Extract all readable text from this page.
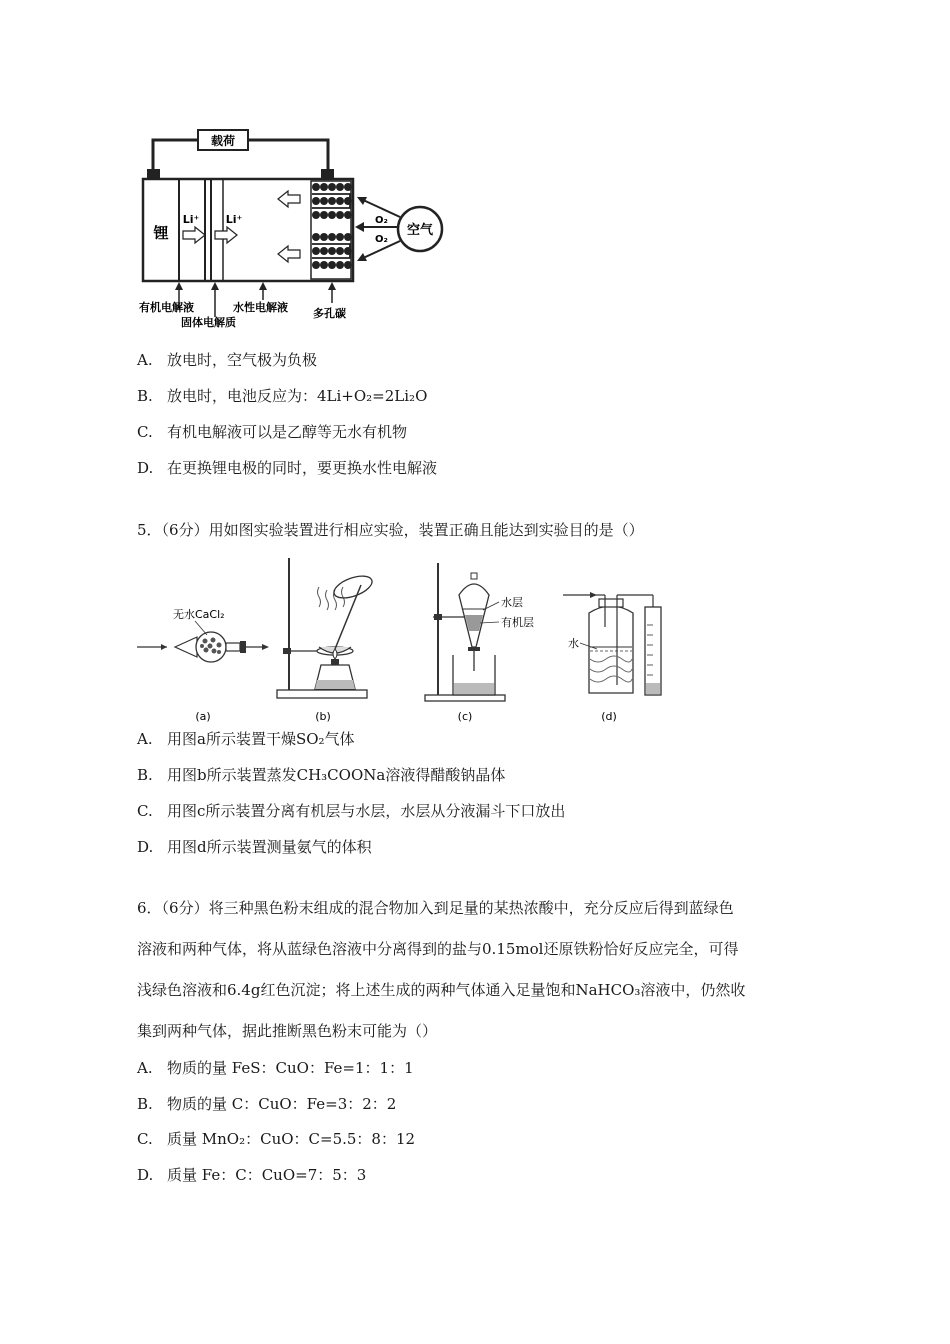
载荷
锂
Li⁺ Li⁺
空气
O₂
O₂
有机电解液
固体电解质
水性电解液 多孔碳
A. 放电时，空气极为负极
B. 放电时，电池反应为：4Li+O₂=2Li₂O
C. 有机电解液可以是乙醇等无水有机物
D. 在更换锂电极的同时，要更换水性电解液
5．（6分）用如图实验装置进行相应实验，装置正确且能达到实验目的是（）
无水CaCl₂
(a)	(b)
水层
有机层
(c)
水
(d)
A. 用图a所示装置干燥SO₂气体
B. 用图b所示装置蒸发CH₃COONa溶液得醋酸钠晶体
C. 用图c所示装置分离有机层与水层，水层从分液漏斗下口放出
D. 用图d所示装置测量氨气的体积
6．（6分）将三种黑色粉末组成的混合物加入到足量的某热浓酸中，充分反应后得到蓝绿色
溶液和两种气体，将从蓝绿色溶液中分离得到的盐与0.15mol还原铁粉恰好反应完全，可得
浅绿色溶液和6.4g红色沉淀；将上述生成的两种气体通入足量饱和NaHCO₃溶液中，仍然收
集到两种气体，据此推断黑色粉末可能为（）
A. 物质的量 FeS：CuO：Fe=1：1：1
B. 物质的量 C：CuO：Fe=3：2：2
C. 质量 MnO₂：CuO：C=5.5：8：12
D. 质量 Fe：C：CuO=7：5：3
